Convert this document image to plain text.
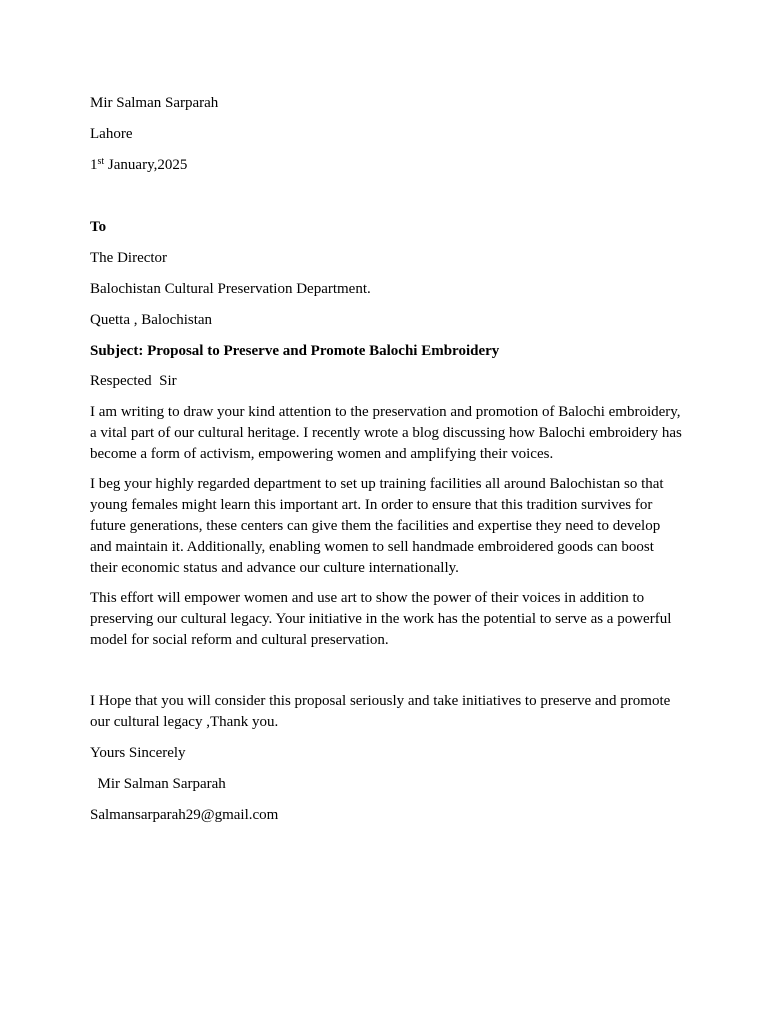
Mir Salman Sarparah

Lahore

1st January,2025

To

The Director

Balochistan Cultural Preservation Department.

Quetta , Balochistan

Subject: Proposal to Preserve and Promote Balochi Embroidery

Respected  Sir

I am writing to draw your kind attention to the preservation and promotion of Balochi embroidery, a vital part of our cultural heritage. I recently wrote a blog discussing how Balochi embroidery has become a form of activism, empowering women and amplifying their voices.

I beg your highly regarded department to set up training facilities all around Balochistan so that young females might learn this important art. In order to ensure that this tradition survives for future generations, these centers can give them the facilities and expertise they need to develop and maintain it. Additionally, enabling women to sell handmade embroidered goods can boost their economic status and advance our culture internationally.

This effort will empower women and use art to show the power of their voices in addition to preserving our cultural legacy. Your initiative in the work has the potential to serve as a powerful model for social reform and cultural preservation.

I Hope that you will consider this proposal seriously and take initiatives to preserve and promote our cultural legacy ,Thank you.

Yours Sincerely

Mir Salman Sarparah

Salmansarparah29@gmail.com
